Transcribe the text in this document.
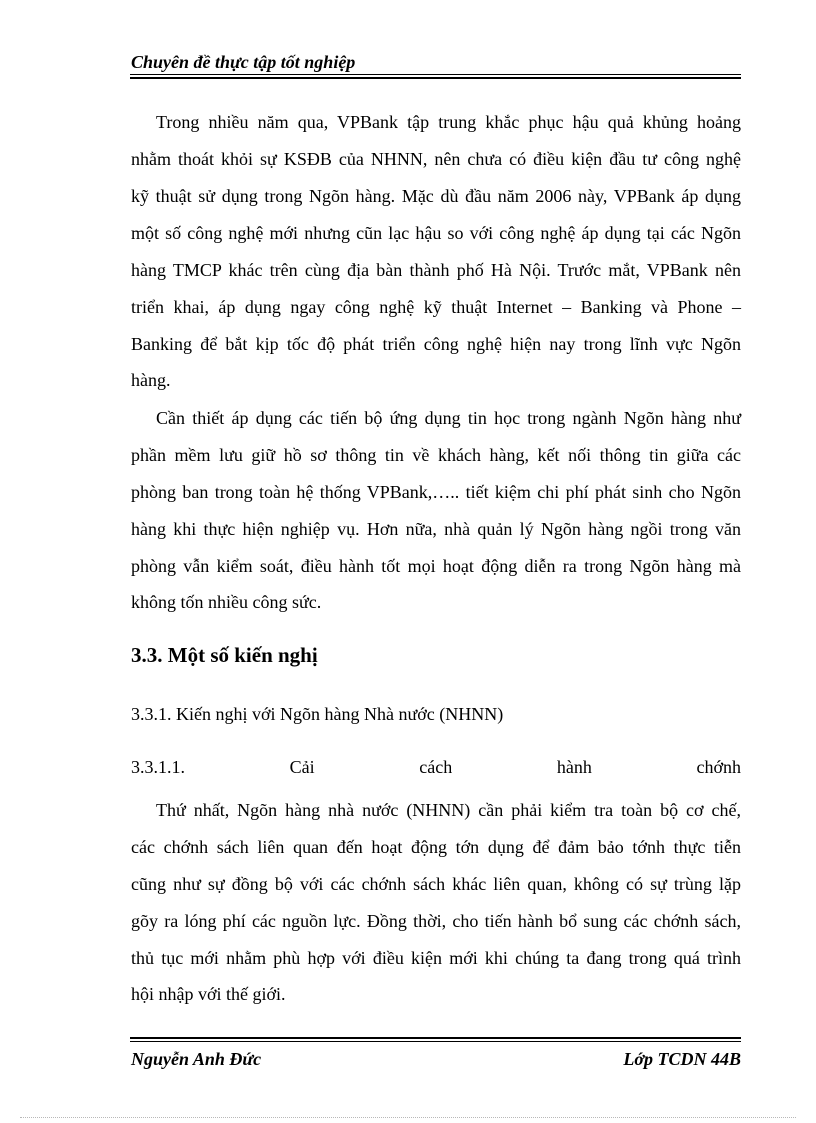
Chuyên đề thực tập tốt nghiệp
Trong nhiều năm qua, VPBank tập trung khắc phục hậu quả khủng hoảng
nhằm thoát khỏi sự KSĐB của NHNN, nên chưa có điều kiện đầu tư công nghệ
kỹ thuật sử dụng trong Ngõn hàng. Mặc dù đầu năm 2006 này, VPBank áp dụng
một số công nghệ mới nhưng cũn lạc hậu so với công nghệ áp dụng tại các Ngõn
hàng TMCP khác trên cùng địa bàn thành phố Hà Nội. Trước mắt, VPBank nên
triển khai, áp dụng ngay công nghệ kỹ thuật Internet – Banking và Phone –
Banking để bắt kịp tốc độ phát triển công nghệ hiện nay trong lĩnh vực Ngõn
hàng.
Cần thiết áp dụng các tiến bộ ứng dụng tin học trong ngành Ngõn hàng như
phần mềm lưu giữ hồ sơ thông tin về khách hàng, kết nối thông tin giữa các
phòng ban trong toàn hệ thống VPBank,….. tiết kiệm chi phí phát sinh cho Ngõn
hàng khi thực hiện nghiệp vụ. Hơn nữa, nhà quản lý Ngõn hàng ngồi trong văn
phòng vẫn kiểm soát, điều hành tốt mọi hoạt động diễn ra trong Ngõn hàng mà
không tốn nhiều công sức.
3.3. Một số kiến nghị
3.3.1. Kiến nghị với Ngõn hàng Nhà nước (NHNN)
3.3.1.1.	Cải	cách	hành	chớnh
Thứ nhất, Ngõn hàng nhà nước (NHNN) cần phải kiểm tra toàn bộ cơ chế,
các chớnh sách liên quan đến hoạt động tớn dụng để đảm bảo tớnh thực tiễn
cũng như sự đồng bộ với các chớnh sách khác liên quan, không có sự trùng lặp
gõy ra lóng phí các nguồn lực. Đồng thời, cho tiến hành bổ sung các chớnh sách,
thủ tục mới nhằm phù hợp với điều kiện mới khi chúng ta đang trong quá trình
hội nhập với thế giới.
Nguyễn Anh Đức	Lớp TCDN 44B
